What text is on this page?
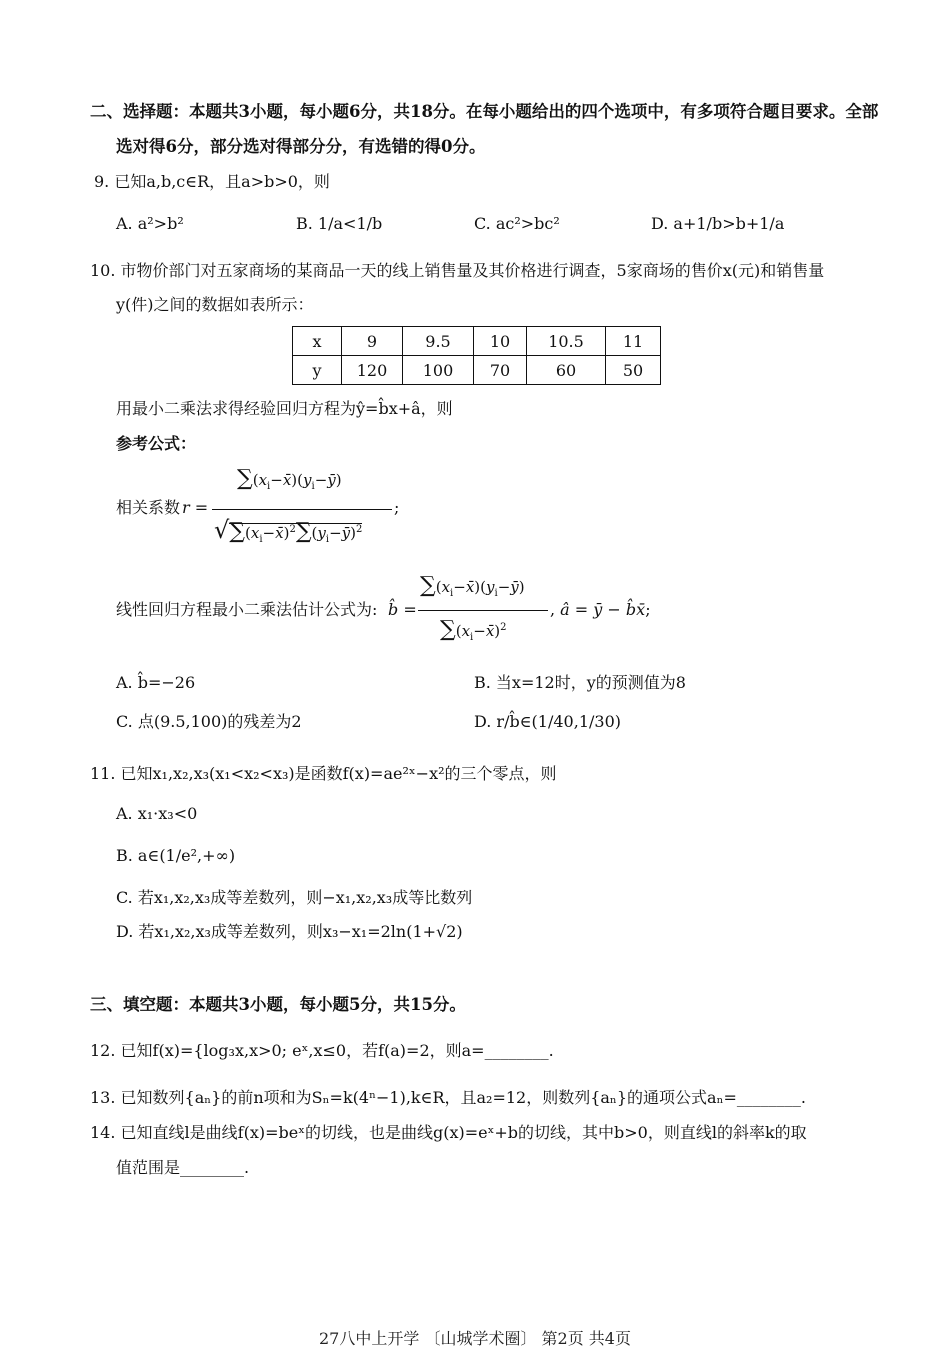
二、选择题：本题共3小题，每小题6分，共18分。在每小题给出的四个选项中，有多项符合题目要求。全部
选对得6分，部分选对得部分分，有选错的得0分。
9. 已知a,b,c∈R，且a>b>0，则
A. a²>b²	B. 1/a<1/b	C. ac²>bc²	D. a+1/b>b+1/a
10. 市物价部门对五家商场的某商品一天的线上销售量及其价格进行调查，5家商场的售价x(元)和销售量
y(件)之间的数据如表所示：
x	9	9.5	10	10.5	11
y	120	100	70	60	50
用最小二乘法求得经验回归方程为ŷ=b̂x+â，则
参考公式：
相关系数 r =
$\sum(x_i-x̄)(y_i-ȳ)$
$√\sum(x_i-x̄)^2\sum(y_i-ȳ)^2$
;
线性回归方程最小二乘法估计公式为: b̂ =
$\sum(x_i-x̄)(y_i-ȳ)$
$\sum(x_i-x̄)^2$
, â = ȳ − b̂x̄;
A. b̂=−26	B. 当x=12时，y的预测值为8
C. 点(9.5,100)的残差为2	D. r/b̂∈(1/40,1/30)
11. 已知x₁,x₂,x₃(x₁<x₂<x₃)是函数f(x)=ae²ˣ−x²的三个零点，则
A. x₁·x₃<0
B. a∈(1/e²,+∞)
C. 若x₁,x₂,x₃成等差数列，则−x₁,x₂,x₃成等比数列
D. 若x₁,x₂,x₃成等差数列，则x₃−x₁=2ln(1+√2)
三、填空题：本题共3小题，每小题5分，共15分。
12. 已知f(x)={log₃x,x>0; eˣ,x≤0，若f(a)=2，则a=________.
13. 已知数列{aₙ}的前n项和为Sₙ=k(4ⁿ−1),k∈R，且a₂=12，则数列{aₙ}的通项公式aₙ=________.
14. 已知直线l是曲线f(x)=beˣ的切线，也是曲线g(x)=eˣ+b的切线，其中b>0，则直线l的斜率k的取
值范围是________.
27八中上开学 〔山城学术圈〕 第2页 共4页
